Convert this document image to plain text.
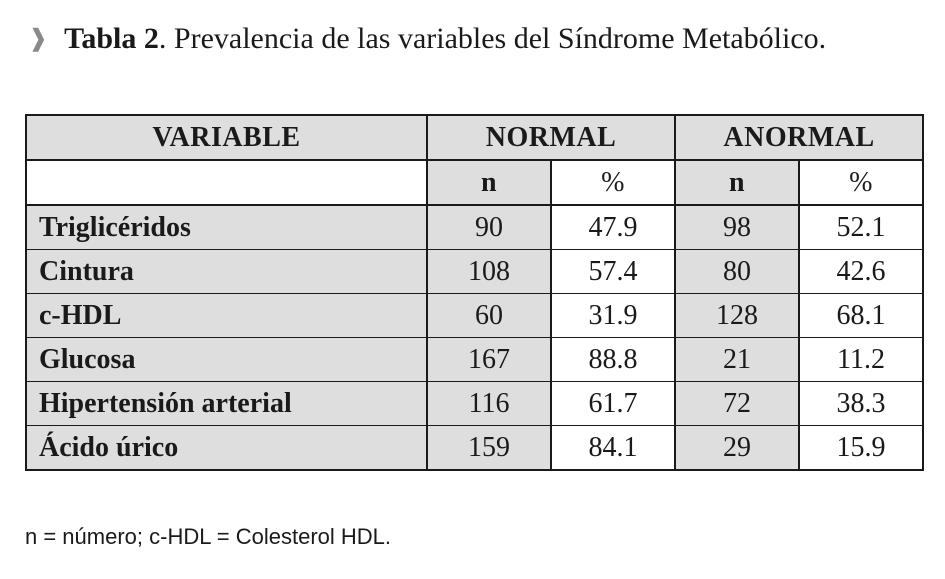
❱ Tabla 2 . Prevalencia de las variables del Síndrome Metabólico.
VARIABLE	NORMAL		ANORMAL	
	n	%	n	%
Triglicéridos	90	47.9	98	52.1
Cintura	108	57.4	80	42.6
c-HDL	60	31.9	128	68.1
Glucosa	167	88.8	21	11.2
Hipertensión arterial	116	61.7	72	38.3
Ácido úrico	159	84.1	29	15.9
n = número; c-HDL = Colesterol HDL.
